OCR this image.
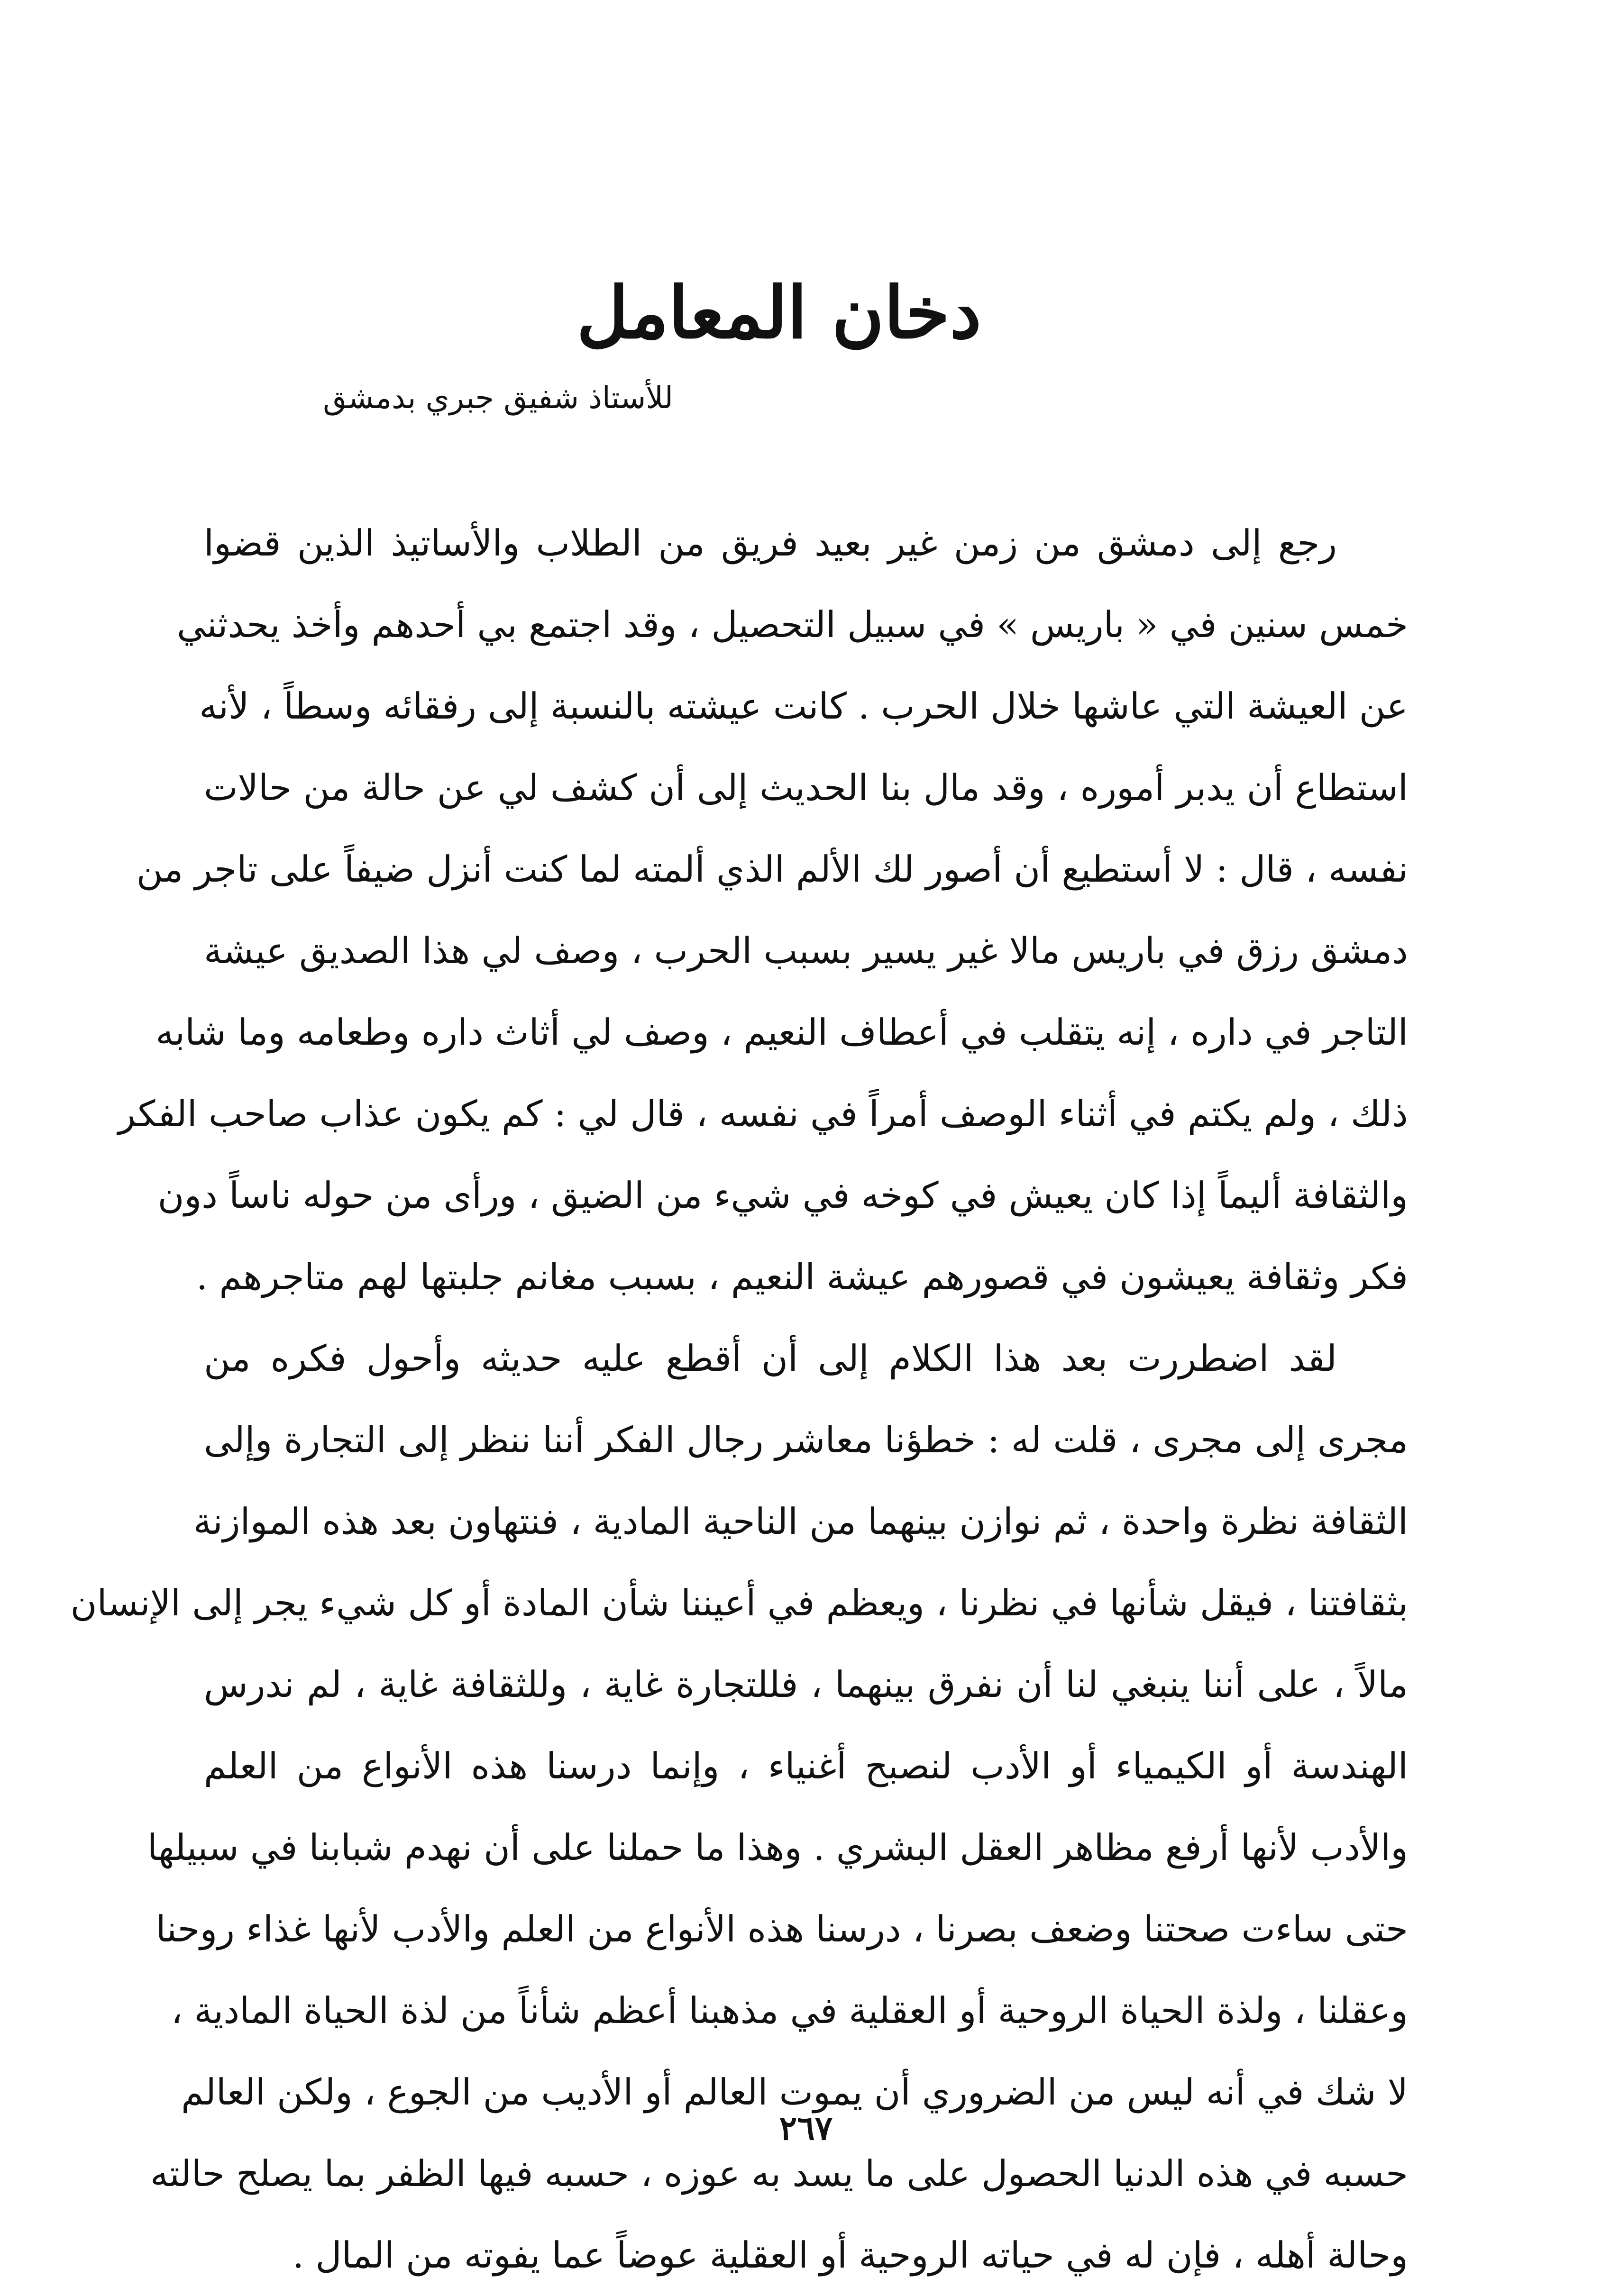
دخان المعامل
للأستاذ شفيق جبري بدمشق
رجع إلى دمشق من زمن غير بعيد فريق من الطلاب والأساتيذ الذين قضوا
خمس سنين في « باريس » في سبيل التحصيل ، وقد اجتمع بي أحدهم وأخذ يحدثني
عن العيشة التي عاشها خلال الحرب . كانت عيشته بالنسبة إلى رفقائه وسطاً ، لأنه
استطاع أن يدبر أموره ، وقد مال بنا الحديث إلى أن كشف لي عن حالة من حالات
نفسه ، قال : لا أستطيع أن أصور لك الألم الذي ألمته لما كنت أنزل ضيفاً على تاجر من
دمشق رزق في باريس مالا غير يسير بسبب الحرب ، وصف لي هذا الصديق عيشة
التاجر في داره ، إنه يتقلب في أعطاف النعيم ، وصف لي أثاث داره وطعامه وما شابه
ذلك ، ولم يكتم في أثناء الوصف أمراً في نفسه ، قال لي : كم يكون عذاب صاحب الفكر
والثقافة أليماً إذا كان يعيش في كوخه في شيء من الضيق ، ورأى من حوله ناساً دون
فكر وثقافة يعيشون في قصورهم عيشة النعيم ، بسبب مغانم جلبتها لهم متاجرهم .
لقد اضطررت بعد هذا الكلام إلى أن أقطع عليه حديثه وأحول فكره من
مجرى إلى مجرى ، قلت له : خطؤنا معاشر رجال الفكر أننا ننظر إلى التجارة وإلى
الثقافة نظرة واحدة ، ثم نوازن بينهما من الناحية المادية ، فنتهاون بعد هذه الموازنة
بثقافتنا ، فيقل شأنها في نظرنا ، ويعظم في أعيننا شأن المادة أو كل شيء يجر إلى الإنسان
مالاً ، على أننا ينبغي لنا أن نفرق بينهما ، فللتجارة غاية ، وللثقافة غاية ، لم ندرس
الهندسة أو الكيمياء أو الأدب لنصبح أغنياء ، وإنما درسنا هذه الأنواع من العلم
والأدب لأنها أرفع مظاهر العقل البشري . وهذا ما حملنا على أن نهدم شبابنا في سبيلها
حتى ساءت صحتنا وضعف بصرنا ، درسنا هذه الأنواع من العلم والأدب لأنها غذاء روحنا
وعقلنا ، ولذة الحياة الروحية أو العقلية في مذهبنا أعظم شأناً من لذة الحياة المادية ،
لا شك في أنه ليس من الضروري أن يموت العالم أو الأديب من الجوع ، ولكن العالم
حسبه في هذه الدنيا الحصول على ما يسد به عوزه ، حسبه فيها الظفر بما يصلح حالته
وحالة أهله ، فإن له في حياته الروحية أو العقلية عوضاً عما يفوته من المال .
٢٦٧
